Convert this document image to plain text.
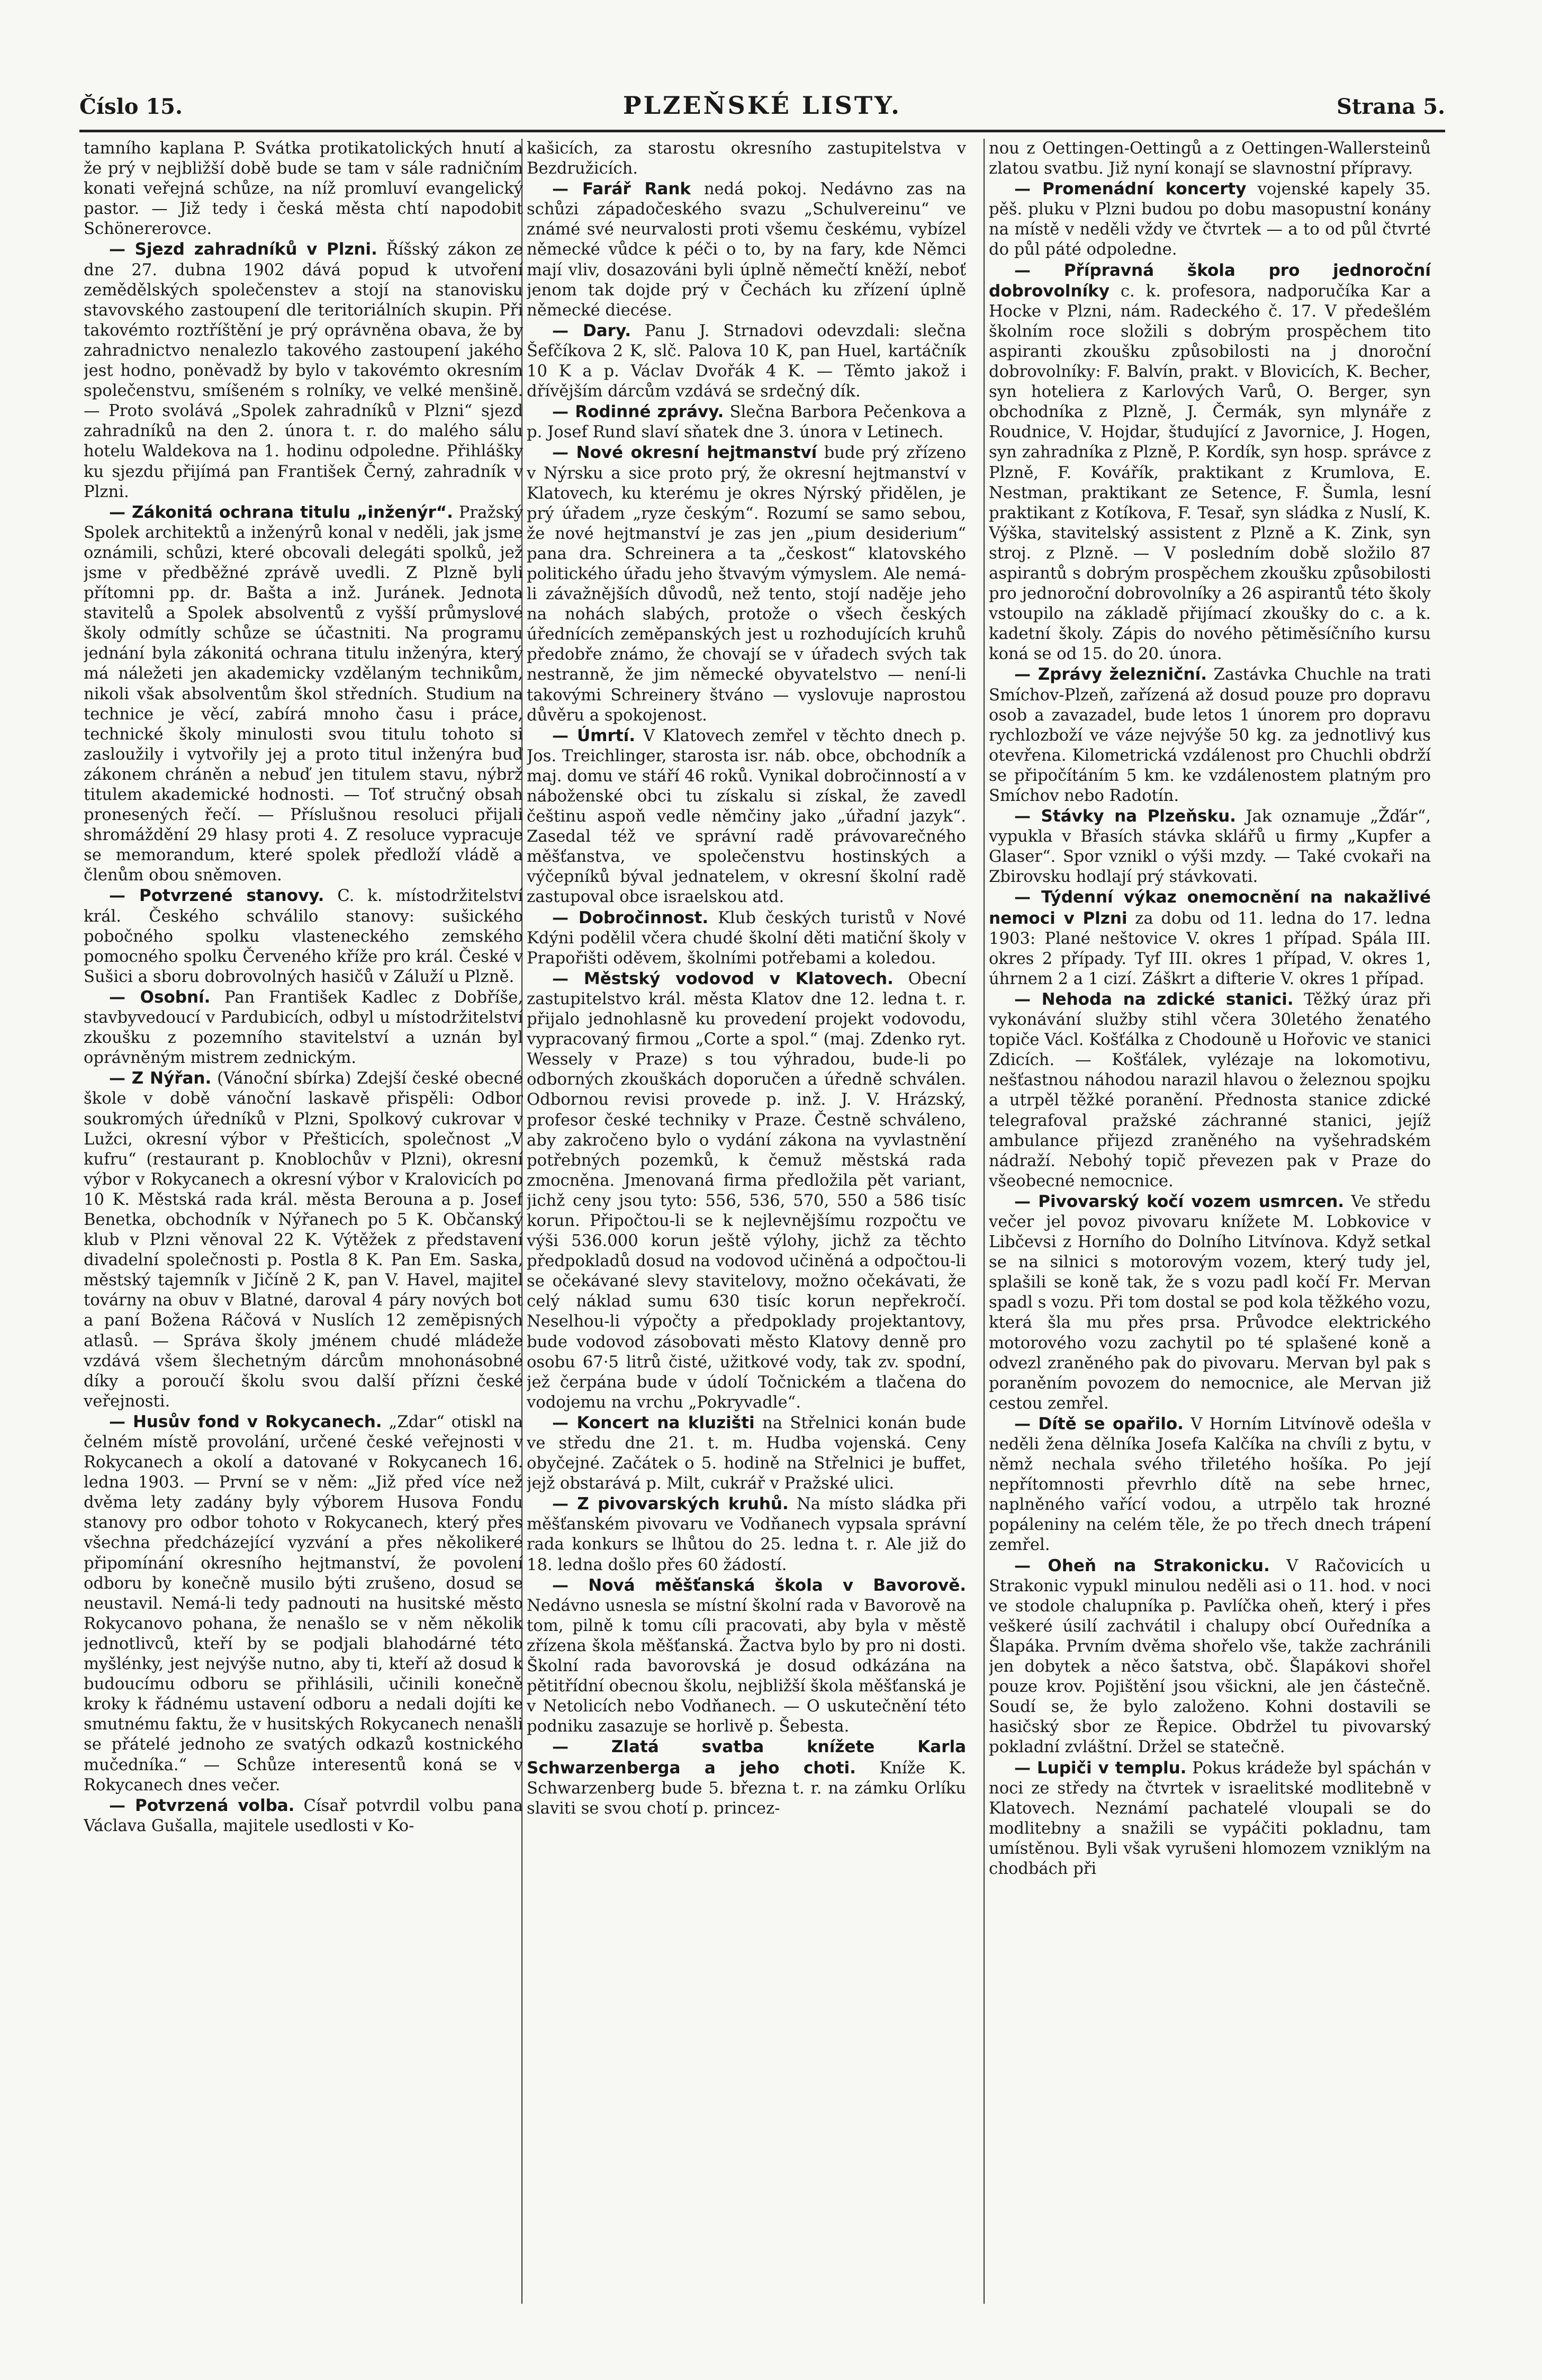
Číslo 15.	PLZEŇSKÉ LISTY.	Strana 5.

tamního kaplana P. Svátka protikatolických hnutí a že prý v nejbližší době bude se tam v sále radničním konati veřejná schůze, na níž promluví evangelický pastor. — Již tedy i česká města chtí napodobit Schönererovce.

— Sjezd zahradníků v Plzni. Říšský zákon ze dne 27. dubna 1902 dává popud k utvoření zemědělských společenstev a stojí na stanovisku stavovského zastoupení dle teritoriálních skupin. Při takovémto roztříštění je prý oprávněna obava, že by zahradnictvo nenalezlo takového zastoupení jakého jest hodno, poněvadž by bylo v takovémto okresním společenstvu, smíšeném s rolníky, ve velké menšině. — Proto svolává „Spolek zahradníků v Plzni“ sjezd zahradníků na den 2. února t. r. do malého sálu hotelu Waldekova na 1. hodinu odpoledne. Přihlášky ku sjezdu přijímá pan František Černý, zahradník v Plzni.

— Zákonitá ochrana titulu „inženýr“. Pražský Spolek architektů a inženýrů konal v neděli, jak jsme oznámili, schůzi, které obcovali delegáti spolků, jež jsme v předběžné zprávě uvedli. Z Plzně byli přítomni pp. dr. Bašta a inž. Juránek. Jednota stavitelů a Spolek absolventů z vyšší průmyslové školy odmítly schůze se účastniti. Na programu jednání byla zákonitá ochrana titulu inženýra, který má náležeti jen akademicky vzdělaným technikům, nikoli však absolventům škol středních. Studium na technice je věcí, zabírá mnoho času i práce, technické školy minulosti svou titulu tohoto si zasloužily i vytvořily jej a proto titul inženýra buď zákonem chráněn a nebuď jen titulem stavu, nýbrž titulem akademické hodnosti. — Toť stručný obsah pronesených řečí. — Příslušnou resoluci přijali shromáždění 29 hlasy proti 4. Z resoluce vypracuje se memorandum, které spolek předloží vládě a členům obou sněmoven.

— Potvrzené stanovy. C. k. místodržitelství král. Českého schválilo stanovy: sušického pobočného spolku vlasteneckého zemského pomocného spolku Červeného kříže pro král. České v Sušici a sboru dobrovolných hasičů v Záluží u Plzně.

— Osobní. Pan František Kadlec z Dobříše, stavbyvedoucí v Pardubicích, odbyl u místodržitelství zkoušku z pozemního stavitelství a uznán byl oprávněným mistrem zednickým.

— Z Nýřan. (Vánoční sbírka) Zdejší české obecné škole v době vánoční laskavě přispěli: Odbor soukromých úředníků v Plzni, Spolkový cukrovar v Lužci, okresní výbor v Přešticích, společnost „V kufru“ (restaurant p. Knoblochův v Plzni), okresní výbor v Rokycanech a okresní výbor v Kralovicích po 10 K. Městská rada král. města Berouna a p. Josef Benetka, obchodník v Nýřanech po 5 K. Občanský klub v Plzni věnoval 22 K. Výtěžek z představení divadelní společnosti p. Postla 8 K. Pan Em. Saska, městský tajemník v Jičíně 2 K, pan V. Havel, majitel továrny na obuv v Blatné, daroval 4 páry nových bot a paní Božena Ráčová v Nuslích 12 zeměpisných atlasů. — Správa školy jménem chudé mládeže vzdává všem šlechetným dárcům mnohonásobné díky a poroučí školu svou další přízni české veřejnosti.

— Husův fond v Rokycanech. „Zdar“ otiskl na čelném místě provolání, určené české veřejnosti v Rokycanech a okolí a datované v Rokycanech 16. ledna 1903. — První se v něm: „Již před více než dvěma lety zadány byly výborem Husova Fondu stanovy pro odbor tohoto v Rokycanech, který přes všechna předcházející vyzvání a přes několikeré připomínání okresního hejtmanství, že povolení odboru by konečně musilo býti zrušeno, dosud se neustavil. Nemá-li tedy padnouti na husitské město Rokycanovo pohana, že nenašlo se v něm několik jednotlivců, kteří by se podjali blahodárné této myšlénky, jest nejvýše nutno, aby ti, kteří až dosud k budoucímu odboru se přihlásili, učinili konečně kroky k řádnému ustavení odboru a nedali dojíti ke smutnému faktu, že v husitských Rokycanech nenašli se přátelé jednoho ze svatých odkazů kostnického mučedníka.“ — Schůze interesentů koná se v Rokycanech dnes večer.

— Potvrzená volba. Císař potvrdil volbu pana Václava Gušalla, majitele usedlosti v Ko-

kašicích, za starostu okresního zastupitelstva v Bezdružicích.

— Farář Rank nedá pokoj. Nedávno zas na schůzi západočeského svazu „Schulvereinu“ ve známé své neurvalosti proti všemu českému, vybízel německé vůdce k péči o to, by na fary, kde Němci mají vliv, dosazováni byli úplně němečtí kněží, neboť jenom tak dojde prý v Čechách ku zřízení úplně německé diecése.

— Dary. Panu J. Strnadovi odevzdali: slečna Šefčíkova 2 K, slč. Palova 10 K, pan Huel, kartáčník 10 K a p. Václav Dvořák 4 K. — Těmto jakož i dřívějším dárcům vzdává se srdečný dík.

— Rodinné zprávy. Slečna Barbora Pečenkova a p. Josef Rund slaví sňatek dne 3. února v Letinech.

— Nové okresní hejtmanství bude prý zřízeno v Nýrsku a sice proto prý, že okresní hejtmanství v Klatovech, ku kterému je okres Nýrský přidělen, je prý úřadem „ryze českým“. Rozumí se samo sebou, že nové hejtmanství je zas jen „pium desiderium“ pana dra. Schreinera a ta „českost“ klatovského politického úřadu jeho štvavým výmyslem. Ale nemá-li závažnějších důvodů, než tento, stojí naděje jeho na nohách slabých, protože o všech českých úřednících zeměpanských jest u rozhodujících kruhů předobře známo, že chovají se v úřadech svých tak nestranně, že jim německé obyvatelstvo — není-li takovými Schreinery štváno — vyslovuje naprostou důvěru a spokojenost.

— Úmrtí. V Klatovech zemřel v těchto dnech p. Jos. Treichlinger, starosta isr. náb. obce, obchodník a maj. domu ve stáří 46 roků. Vynikal dobročinností a v náboženské obci tu získalu si získal, že zavedl češtinu aspoň vedle němčiny jako „úřadní jazyk“. Zasedal též ve správní radě právovarečného měšťanstva, ve společenstvu hostinských a výčepníků býval jednatelem, v okresní školní radě zastupoval obce israelskou atd.

— Dobročinnost. Klub českých turistů v Nové Kdýni podělil včera chudé školní děti matiční školy v Prapořišti oděvem, školními potřebami a koledou.

— Městský vodovod v Klatovech. Obecní zastupitelstvo král. města Klatov dne 12. ledna t. r. přijalo jednohlasně ku provedení projekt vodovodu, vypracovaný firmou „Corte a spol.“ (maj. Zdenko ryt. Wessely v Praze) s tou výhradou, bude-li po odborných zkouškách doporučen a úředně schválen. Odbornou revisi provede p. inž. J. V. Hrázský, profesor české techniky v Praze. Čestně schváleno, aby zakročeno bylo o vydání zákona na vyvlastnění potřebných pozemků, k čemuž městská rada zmocněna. Jmenovaná firma předložila pět variant, jichž ceny jsou tyto: 556, 536, 570, 550 a 586 tisíc korun. Připočtou-li se k nejlevnějšímu rozpočtu ve výši 536.000 korun ještě výlohy, jichž za těchto předpokladů dosud na vodovod učiněná a odpočtou-li se očekávané slevy stavitelovy, možno očekávati, že celý náklad sumu 630 tisíc korun nepřekročí. Neselhou-li výpočty a předpoklady projektantovy, bude vodovod zásobovati město Klatovy denně pro osobu 67·5 litrů čisté, užitkové vody, tak zv. spodní, jež čerpána bude v údolí Točnickém a tlačena do vodojemu na vrchu „Pokryvadle“.

— Koncert na kluzišti na Střelnici konán bude ve středu dne 21. t. m. Hudba vojenská. Ceny obyčejné. Začátek o 5. hodině na Střelnici je buffet, jejž obstarává p. Milt, cukrář v Pražské ulici.

— Z pivovarských kruhů. Na místo sládka při měšťanském pivovaru ve Vodňanech vypsala správní rada konkurs se lhůtou do 25. ledna t. r. Ale již do 18. ledna došlo přes 60 žádostí.

— Nová měšťanská škola v Bavorově. Nedávno usnesla se místní školní rada v Bavorově na tom, pilně k tomu cíli pracovati, aby byla v městě zřízena škola měšťanská. Žactva bylo by pro ni dosti. Školní rada bavorovská je dosud odkázána na pětitřídní obecnou školu, nejbližší škola měšťanská je v Netolicích nebo Vodňanech. — O uskutečnění této podniku zasazuje se horlivě p. Šebesta.

— Zlatá svatba knížete Karla Schwarzenberga a jeho choti. Kníže K. Schwarzenberg bude 5. března t. r. na zámku Orlíku slaviti se svou chotí p. princez-

nou z Oettingen-Oettingů a z Oettingen-Wallersteinů zlatou svatbu. Již nyní konají se slavnostní přípravy.

— Promenádní koncerty vojenské kapely 35. pěš. pluku v Plzni budou po dobu masopustní konány na místě v neděli vždy ve čtvrtek — a to od půl čtvrté do půl páté odpoledne.

— Přípravná škola pro jednoroční dobrovolníky c. k. profesora, nadporučíka Kar a Hocke v Plzni, nám. Radeckého č. 17. V předešlém školním roce složili s dobrým prospěchem tito aspiranti zkoušku způsobilosti na j dnoroční dobrovolníky: F. Balvín, prakt. v Blovicích, K. Becher, syn hoteliera z Karlových Varů, O. Berger, syn obchodníka z Plzně, J. Čermák, syn mlynáře z Roudnice, V. Hojdar, študující z Javornice, J. Hogen, syn zahradníka z Plzně, P. Kordík, syn hosp. správce z Plzně, F. Kovářík, praktikant z Krumlova, E. Nestman, praktikant ze Setence, F. Šumla, lesní praktikant z Kotíkova, F. Tesař, syn sládka z Nuslí, K. Výška, stavitelský assistent z Plzně a K. Zink, syn stroj. z Plzně. — V posledním době složilo 87 aspirantů s dobrým prospěchem zkoušku způsobilosti pro jednoroční dobrovolníky a 26 aspirantů této školy vstoupilo na základě přijímací zkoušky do c. a k. kadetní školy. Zápis do nového pětiměsíčního kursu koná se od 15. do 20. února.

— Zprávy železniční. Zastávka Chuchle na trati Smíchov-Plzeň, zařízená až dosud pouze pro dopravu osob a zavazadel, bude letos 1 únorem pro dopravu rychlozboží ve váze nejvýše 50 kg. za jednotlivý kus otevřena. Kilometrická vzdálenost pro Chuchli obdrží se připočítáním 5 km. ke vzdálenostem platným pro Smíchov nebo Radotín.

— Stávky na Plzeňsku. Jak oznamuje „Žďár“, vypukla v Břasích stávka sklářů u firmy „Kupfer a Glaser“. Spor vznikl o výši mzdy. — Také cvokaři na Zbirovsku hodlají prý stávkovati.

— Týdenní výkaz onemocnění na nakažlivé nemoci v Plzni za dobu od 11. ledna do 17. ledna 1903: Plané neštovice V. okres 1 případ. Spála III. okres 2 případy. Tyf III. okres 1 případ, V. okres 1, úhrnem 2 a 1 cizí. Záškrt a difterie V. okres 1 případ.

— Nehoda na zdické stanici. Těžký úraz při vykonávání služby stihl včera 30letého ženatého topiče Václ. Košťálka z Chodouně u Hořovic ve stanici Zdicích. — Košťálek, vylézaje na lokomotivu, nešťastnou náhodou narazil hlavou o železnou spojku a utrpěl těžké poranění. Přednosta stanice zdické telegrafoval pražské záchranné stanici, jejíž ambulance přijezd zraněného na vyšehradském nádraží. Nebohý topič převezen pak v Praze do všeobecné nemocnice.

— Pivovarský kočí vozem usmrcen. Ve středu večer jel povoz pivovaru knížete M. Lobkovice v Libčevsi z Horního do Dolního Litvínova. Když setkal se na silnici s motorovým vozem, který tudy jel, splašili se koně tak, že s vozu padl kočí Fr. Mervan spadl s vozu. Při tom dostal se pod kola těžkého vozu, která šla mu přes prsa. Průvodce elektrického motorového vozu zachytil po té splašené koně a odvezl zraněného pak do pivovaru. Mervan byl pak s poraněním povozem do nemocnice, ale Mervan již cestou zemřel.

— Dítě se opařilo. V Horním Litvínově odešla v neděli žena dělníka Josefa Kalčíka na chvíli z bytu, v němž nechala svého třiletého hošíka. Po její nepřítomnosti převrhlo dítě na sebe hrnec, naplněného vařící vodou, a utrpělo tak hrozné popáleniny na celém těle, že po třech dnech trápení zemřel.

— Oheň na Strakonicku. V Račovicích u Strakonic vypukl minulou neděli asi o 11. hod. v noci ve stodole chalupníka p. Pavlíčka oheň, který i přes veškeré úsilí zachvátil i chalupy obcí Ouředníka a Šlapáka. Prvním dvěma shořelo vše, takže zachránili jen dobytek a něco šatstva, obč. Šlapákovi shořel pouze krov. Pojištění jsou všickni, ale jen částečně. Soudí se, že bylo založeno. Kohni dostavili se hasičský sbor ze Řepice. Obdržel tu pivovarský pokladní zvláštní. Držel se statečně.

— Lupiči v templu. Pokus krádeže byl spáchán v noci ze středy na čtvrtek v israelitské modlitebně v Klatovech. Neznámí pachatelé vloupali se do modlitebny a snažili se vypáčiti pokladnu, tam umístěnou. Byli však vyrušeni hlomozem vzniklým na chodbách při
